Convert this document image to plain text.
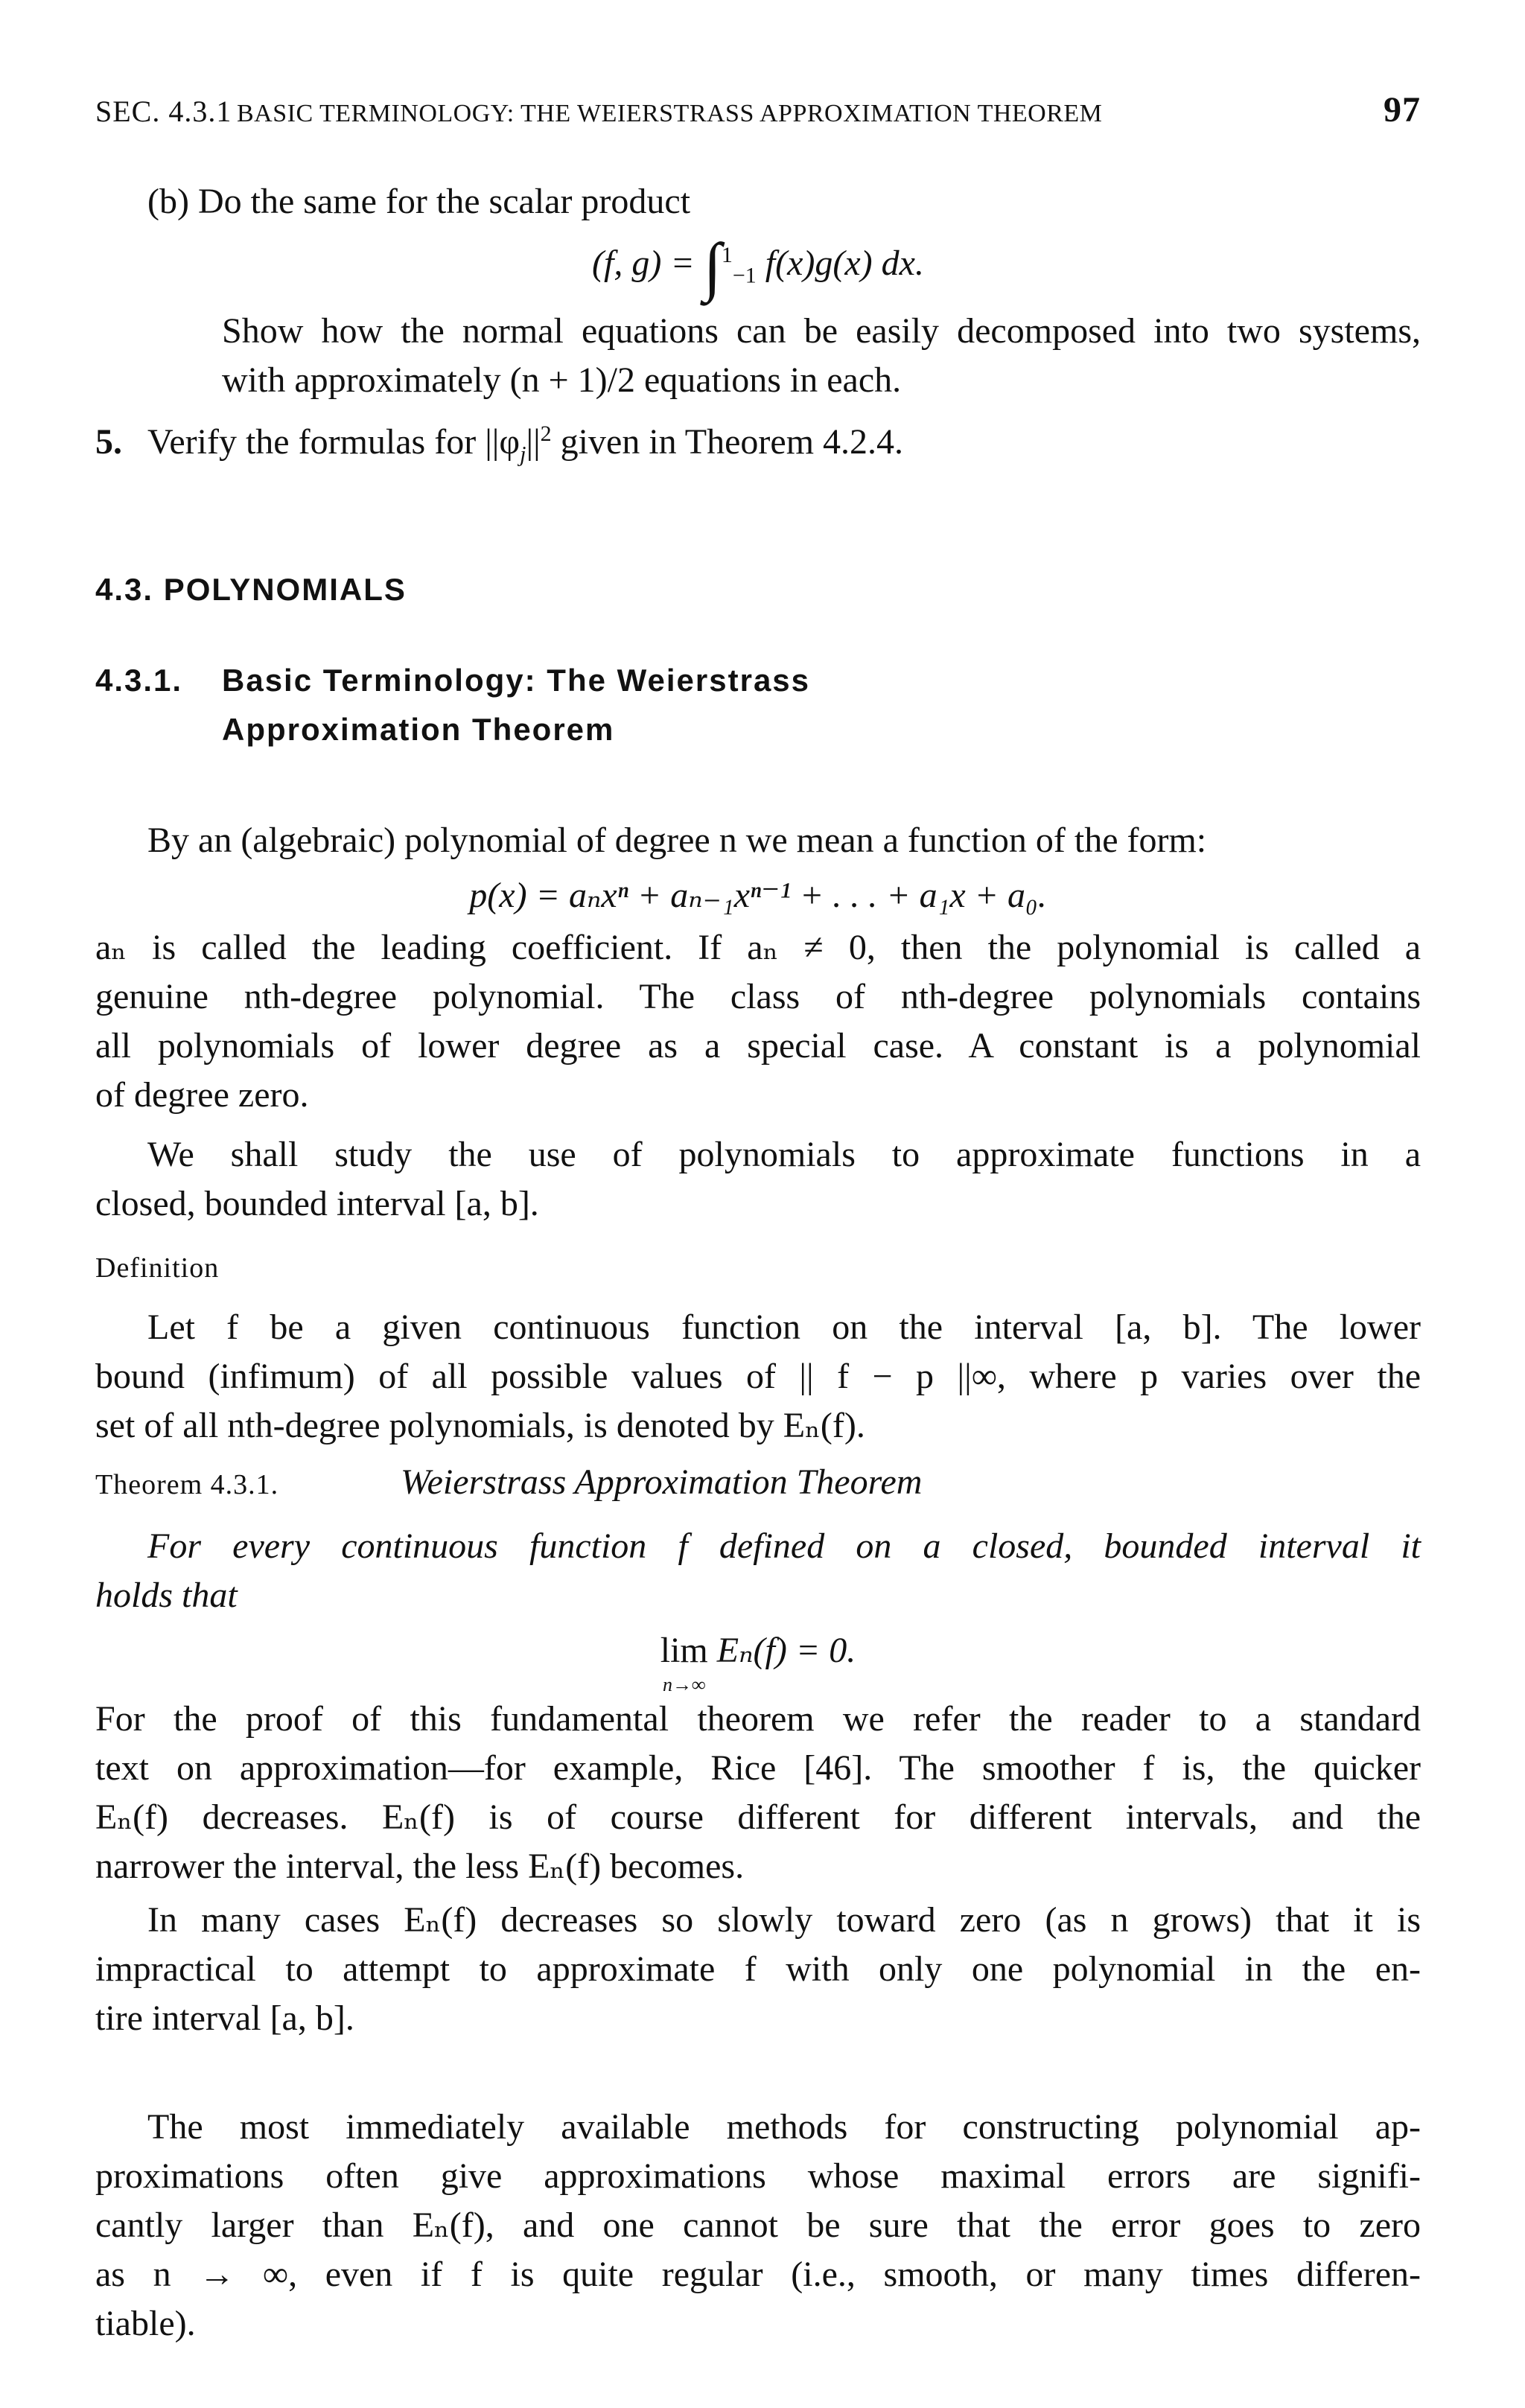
SEC. 4.3.1 BASIC TERMINOLOGY: THE WEIERSTRASS APPROXIMATION THEOREM	97
(b) Do the same for the scalar product
(f, g) = ∫$^1_{-1}$ f(x)g(x) dx.
Show how the normal equations can be easily decomposed into two systems,
with approximately (n + 1)/2 equations in each.
5. Verify the formulas for $||\varphi_j||^2$ given in Theorem 4.2.4.
4.3. POLYNOMIALS
4.3.1. Basic Terminology: The Weierstrass
Approximation Theorem
By an (algebraic) polynomial of degree n we mean a function of the form:
p(x) = aₙxⁿ + aₙ₋₁xⁿ⁻¹ + . . . + a₁x + a₀.
aₙ is called the leading coefficient. If aₙ ≠ 0, then the polynomial is called a
genuine nth-degree polynomial. The class of nth-degree polynomials contains
all polynomials of lower degree as a special case. A constant is a polynomial
of degree zero.
We shall study the use of polynomials to approximate functions in a
closed, bounded interval [a, b].
Definition
Let f be a given continuous function on the interval [a, b]. The lower
bound (infimum) of all possible values of || f − p ||∞, where p varies over the
set of all nth-degree polynomials, is denoted by Eₙ(f).
Theorem 4.3.1.	Weierstrass Approximation Theorem
For every continuous function f defined on a closed, bounded interval it
holds that
lim
n→∞
Eₙ(f) = 0.
For the proof of this fundamental theorem we refer the reader to a standard
text on approximation—for example, Rice [46]. The smoother f is, the quicker
Eₙ(f) decreases. Eₙ(f) is of course different for different intervals, and the
narrower the interval, the less Eₙ(f) becomes.
In many cases Eₙ(f) decreases so slowly toward zero (as n grows) that it is
impractical to attempt to approximate f with only one polynomial in the en-
tire interval [a, b].
The most immediately available methods for constructing polynomial ap-
proximations often give approximations whose maximal errors are signifi-
cantly larger than Eₙ(f), and one cannot be sure that the error goes to zero
as n → ∞, even if f is quite regular (i.e., smooth, or many times differen-
tiable).
